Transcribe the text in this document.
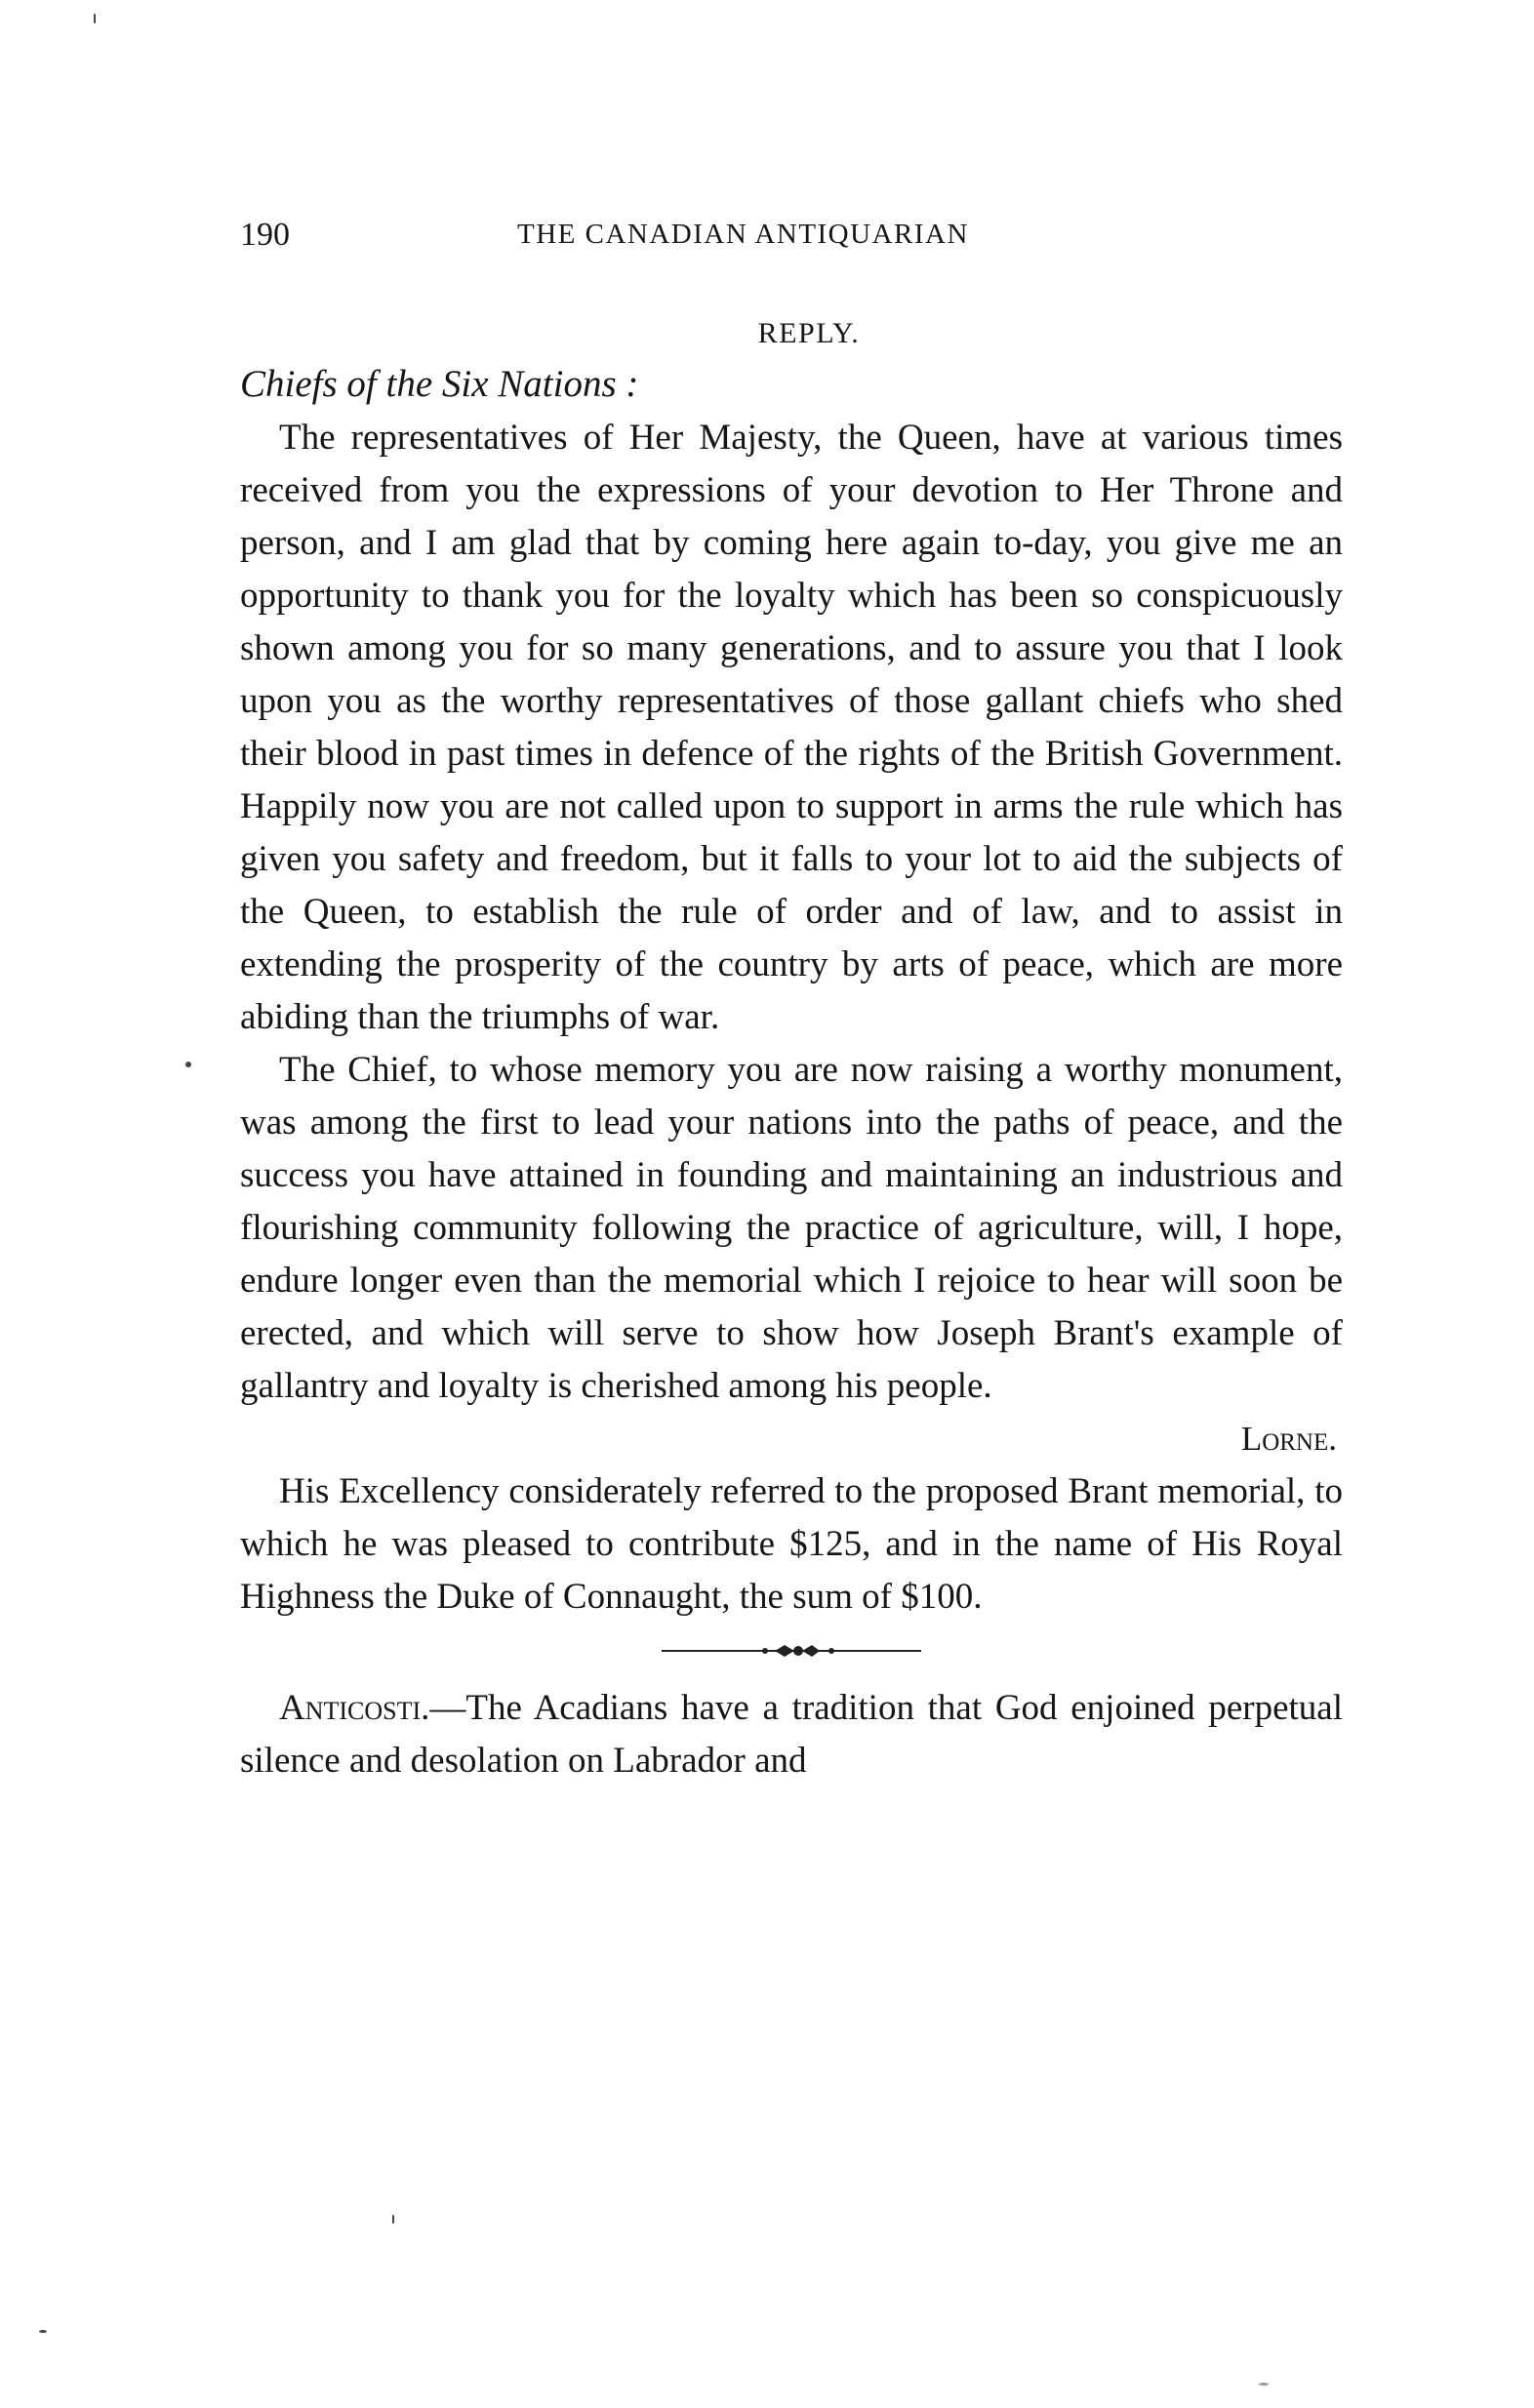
190	THE CANADIAN ANTIQUARIAN

REPLY.

Chiefs of the Six Nations :

The representatives of Her Majesty, the Queen, have at various times received from you the expressions of your devotion to Her Throne and person, and I am glad that by coming here again to-day, you give me an opportunity to thank you for the loyalty which has been so conspicuously shown among you for so many generations, and to assure you that I look upon you as the worthy representatives of those gallant chiefs who shed their blood in past times in defence of the rights of the British Government. Happily now you are not called upon to support in arms the rule which has given you safety and freedom, but it falls to your lot to aid the subjects of the Queen, to establish the rule of order and of law, and to assist in extending the prosperity of the country by arts of peace, which are more abiding than the triumphs of war.

The Chief, to whose memory you are now raising a worthy monument, was among the first to lead your nations into the paths of peace, and the success you have attained in founding and maintaining an industrious and flourishing community following the practice of agriculture, will, I hope, endure longer even than the memorial which I rejoice to hear will soon be erected, and which will serve to show how Joseph Brant's example of gallantry and loyalty is cherished among his people.

Lorne.

His Excellency considerately referred to the proposed Brant memorial, to which he was pleased to contribute $125, and in the name of His Royal Highness the Duke of Connaught, the sum of $100.

Anticosti.—The Acadians have a tradition that God enjoined perpetual silence and desolation on Labrador and
